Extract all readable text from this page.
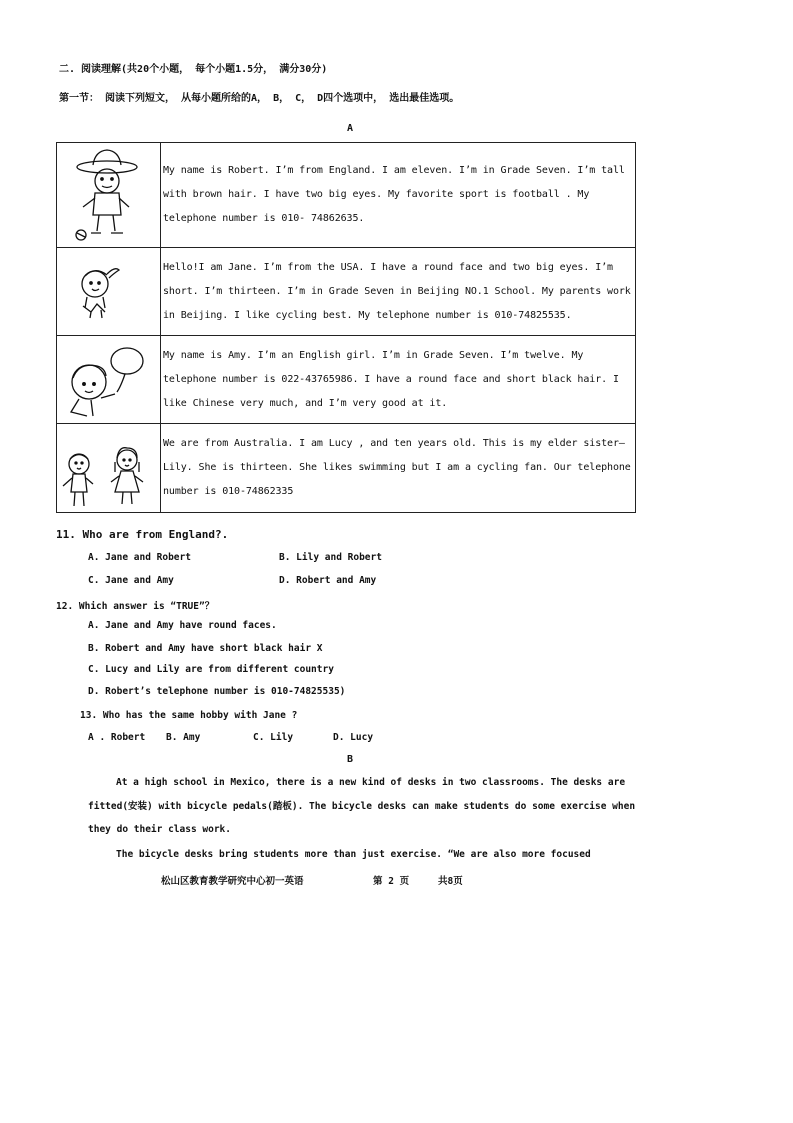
二. 阅读理解(共20个小题， 每个小题1.5分， 满分30分)
第一节： 阅读下列短文， 从每小题所给的A， B， C， D四个选项中， 选出最佳选项。
A
	My name is Robert. I’m from England. I am eleven. I’m in Grade Seven. I’m tall with brown hair. I have two big eyes. My favorite sport is football . My telephone number is 010- 74862635.

	Hello!I am Jane. I’m from the USA. I have a round face and two big eyes. I’m short. I’m thirteen. I’m in Grade Seven in Beijing NO.1 School. My parents work in Beijing. I like cycling best. My telephone number is 010-74825535.

	My name is Amy. I’m an English girl. I’m in Grade Seven. I’m twelve. My telephone number is 022-43765986. I have a round face and short black hair. I like Chinese very much, and I’m very good at it.

	We are from Australia. I am Lucy , and ten years old. This is my elder sister—Lily. She is thirteen. She likes swimming but I am a cycling fan. Our telephone number is 010-74862335
11. Who are from England?.
A. Jane and Robert	B. Lily and Robert
C. Jane and Amy	D. Robert and Amy
12. Which answer is “TRUE”？
A. Jane and Amy have round faces.
B. Robert and Amy have short black hair X
C. Lucy and Lily are from different country
D. Robert’s telephone number is 010-74825535)
13. Who has the same hobby with Jane ?
A . Robert B. Amy	C. Lily	D. Lucy
B
At a high school in Mexico, there is a new kind of desks in two classrooms. The desks are fitted(安装) with bicycle pedals(踏板). The bicycle desks can make students do some exercise when they do their class work.
The bicycle desks bring students more than just exercise. “We are also more focused
松山区教育教学研究中心初一英语	第 2 页	共8页
